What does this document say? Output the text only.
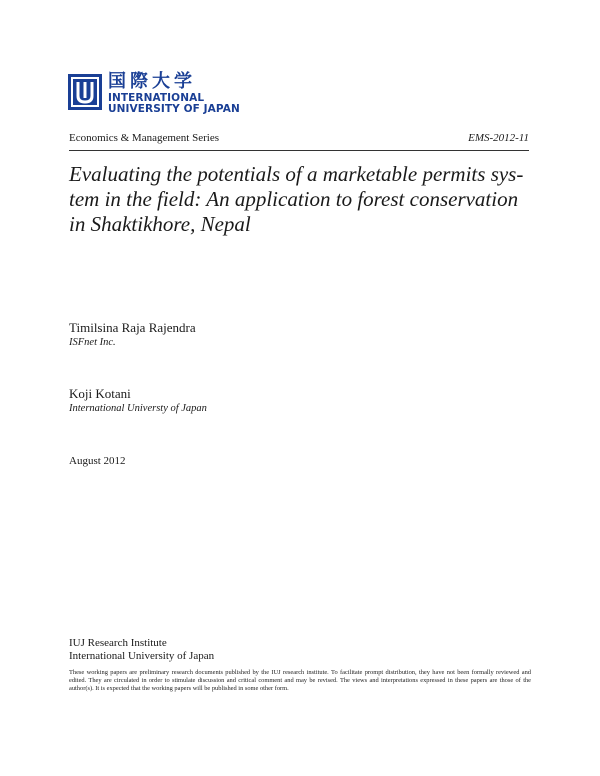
国際大学
INTERNATIONAL
UNIVERSITY OF JAPAN
Economics & Management Series	EMS-2012-11
Evaluating the potentials of a marketable permits sys-
tem in the field: An application to forest conservation
in Shaktikhore, Nepal
Timilsina Raja Rajendra
ISFnet Inc.
Koji Kotani
International Universty of Japan
August 2012
IUJ Research Institute
International University of Japan
These working papers are preliminary research documents published by the IUJ research institute. To facilitate prompt distribution, they have not been formally reviewed and edited. They are circulated in order to stimulate discussion and critical comment and may be revised. The views and interpretations expressed in these papers are those of the author(s). It is expected that the working papers will be published in some other form.
